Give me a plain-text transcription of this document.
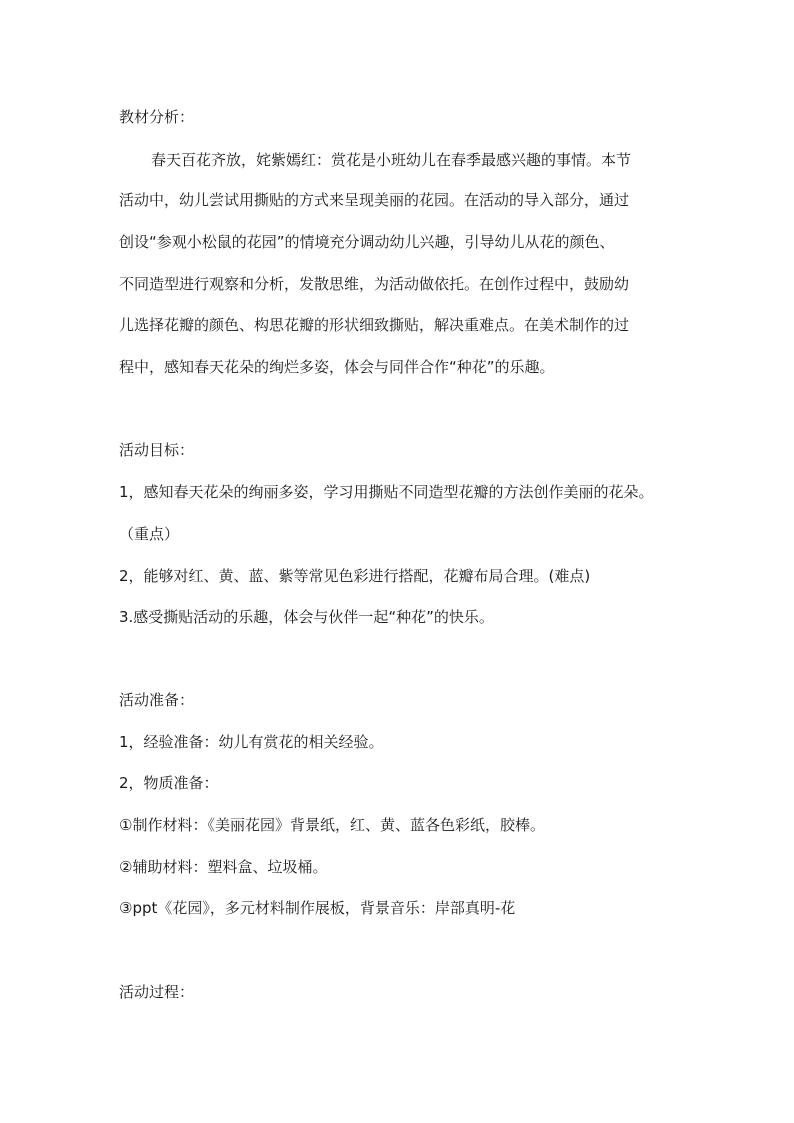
教材分析：
春天百花齐放，姹紫嫣红：赏花是小班幼儿在春季最感兴趣的事情。本节
活动中，幼儿尝试用撕贴的方式来呈现美丽的花园。在活动的导入部分，通过
创设“参观小松鼠的花园”的情境充分调动幼儿兴趣，引导幼儿从花的颜色、
不同造型进行观察和分析，发散思维，为活动做依托。在创作过程中，鼓励幼
儿选择花瓣的颜色、构思花瓣的形状细致撕贴，解决重难点。在美术制作的过
程中，感知春天花朵的绚烂多姿，体会与同伴合作“种花”的乐趣。
活动目标：
1，感知春天花朵的绚丽多姿，学习用撕贴不同造型花瓣的方法创作美丽的花朵。
（重点）
2，能够对红、黄、蓝、紫等常见色彩进行搭配，花瓣布局合理。(难点)
3.感受撕贴活动的乐趣，体会与伙伴一起“种花”的快乐。
活动准备：
1，经验准备：幼儿有赏花的相关经验。
2，物质准备：
①制作材料：《美丽花园》背景纸，红、黄、蓝各色彩纸，胶棒。
②辅助材料：塑料盒、垃圾桶。
③ppt《花园》，多元材料制作展板，背景音乐：岸部真明-花
活动过程：
